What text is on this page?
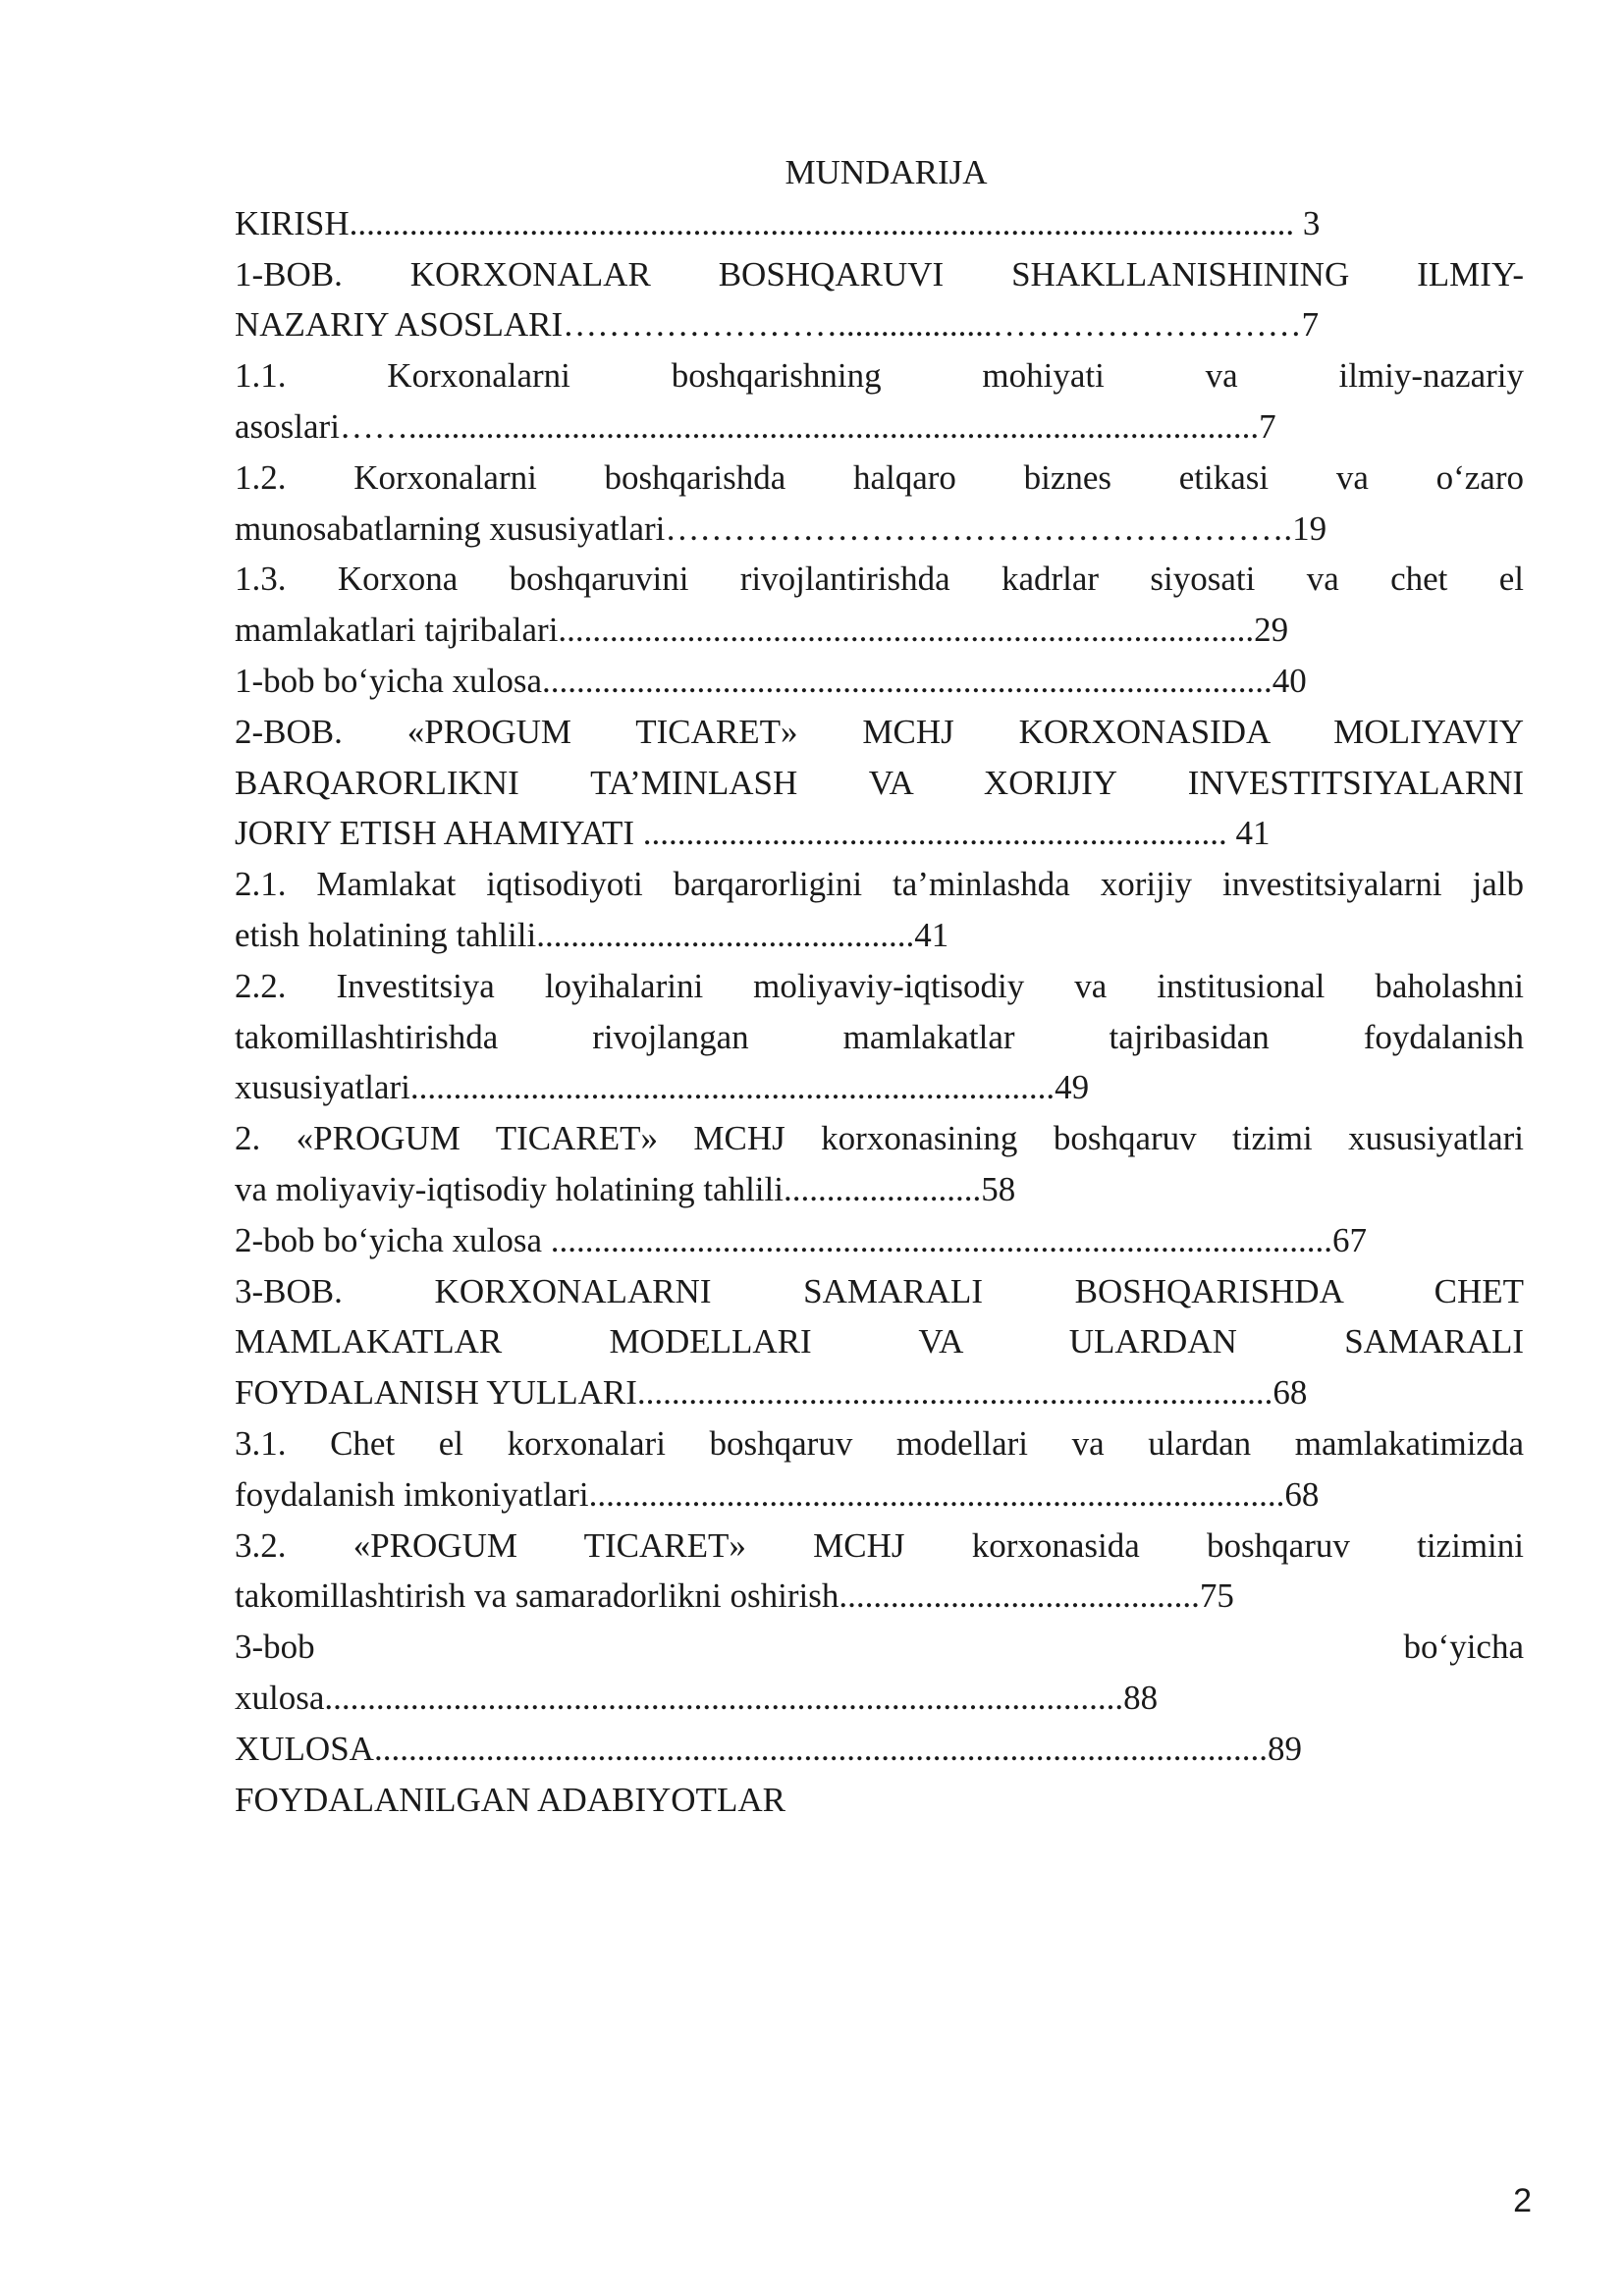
MUNDARIJA
KIRISH.............................................................................................................. 3
1-BOB. KORXONALAR BOSHQARUVI SHAKLLANISHINING ILMIY-
NAZARIY ASOSLARI……………………..................………………………7
1.1. Korxonalarni boshqarishning mohiyati va ilmiy-nazariy
asoslari……...................................................................................................7
1.2. Korxonalarni boshqarishda halqaro biznes etikasi va o‘zaro
munosabatlarning xususiyatlari……………………………………………….19
1.3. Korxona boshqaruvini rivojlantirishda kadrlar siyosati va chet el
mamlakatlari tajribalari.................................................................................29
1-bob bo‘yicha xulosa.....................................................................................40
2-BOB. «PROGUM TICARET» MCHJ KORXONASIDA MOLIYAVIY
BARQARORLIKNI TA’MINLASH VA XORIJIY INVESTITSIYALARNI
JORIY ETISH AHAMIYATI .................................................................... 41
2.1. Mamlakat iqtisodiyoti barqarorligini ta’minlashda xorijiy investitsiyalarni jalb
etish holatining tahlili............................................41
2.2. Investitsiya loyihalarini moliyaviy-iqtisodiy va institusional baholashni
takomillashtirishda rivojlangan mamlakatlar tajribasidan foydalanish
xususiyatlari...........................................................................49
2. «PROGUM TICARET» MCHJ korxonasining boshqaruv tizimi xususiyatlari
va moliyaviy-iqtisodiy holatining tahlili.......................58
2-bob bo‘yicha xulosa ...........................................................................................67
3-BOB. KORXONALARNI SAMARALI BOSHQARISHDA CHET
MAMLAKATLAR MODELLARI VA ULARDAN SAMARALI
FOYDALANISH YULLARI..........................................................................68
3.1. Chet el korxonalari boshqaruv modellari va ulardan mamlakatimizda
foydalanish imkoniyatlari.................................................................................68
3.2. «PROGUM TICARET» MCHJ korxonasida boshqaruv tizimini
takomillashtirish va samaradorlikni oshirish..........................................75
3-bob bo‘yicha
xulosa.............................................................................................88
XULOSA........................................................................................................89
FOYDALANILGAN ADABIYOTLAR
2
